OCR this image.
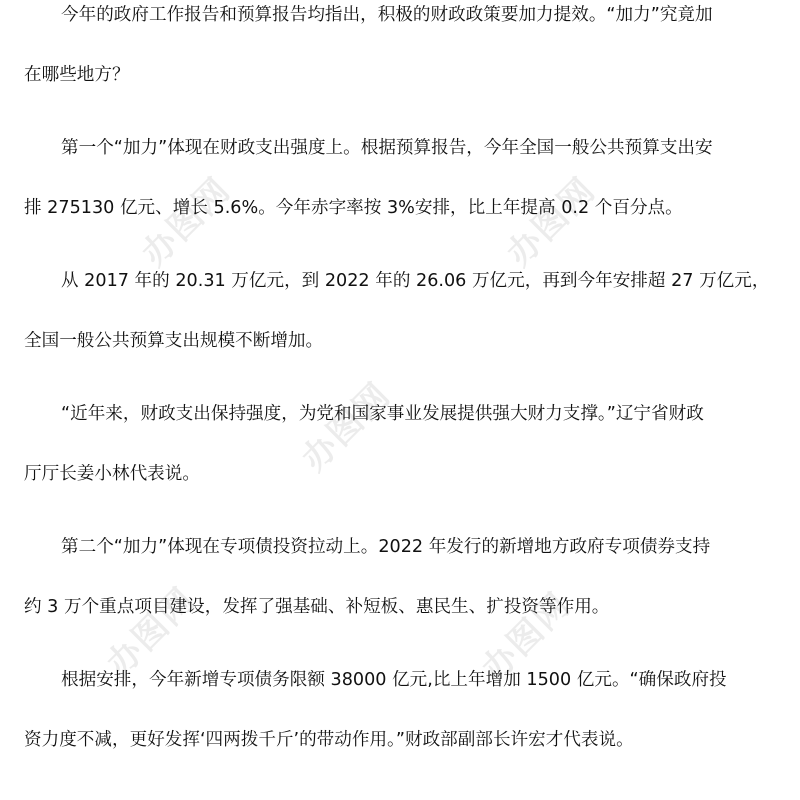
办图网	办图网
办图网
办图网	办图网
今年的政府工作报告和预算报告均指出，积极的财政政策要加力提效。“加力”究竟加
在哪些地方？
第一个“加力”体现在财政支出强度上。根据预算报告，今年全国一般公共预算支出安
排 275130 亿元、增长 5.6%。今年赤字率按 3%安排，比上年提高 0.2 个百分点。
从 2017 年的 20.31 万亿元，到 2022 年的 26.06 万亿元，再到今年安排超 27 万亿元，
全国一般公共预算支出规模不断增加。
“近年来，财政支出保持强度，为党和国家事业发展提供强大财力支撑。”辽宁省财政
厅厅长姜小林代表说。
第二个“加力”体现在专项债投资拉动上。2022 年发行的新增地方政府专项债券支持
约 3 万个重点项目建设，发挥了强基础、补短板、惠民生、扩投资等作用。
根据安排，今年新增专项债务限额 38000 亿元,比上年增加 1500 亿元。“确保政府投
资力度不减，更好发挥‘四两拨千斤’的带动作用。”财政部副部长许宏才代表说。
